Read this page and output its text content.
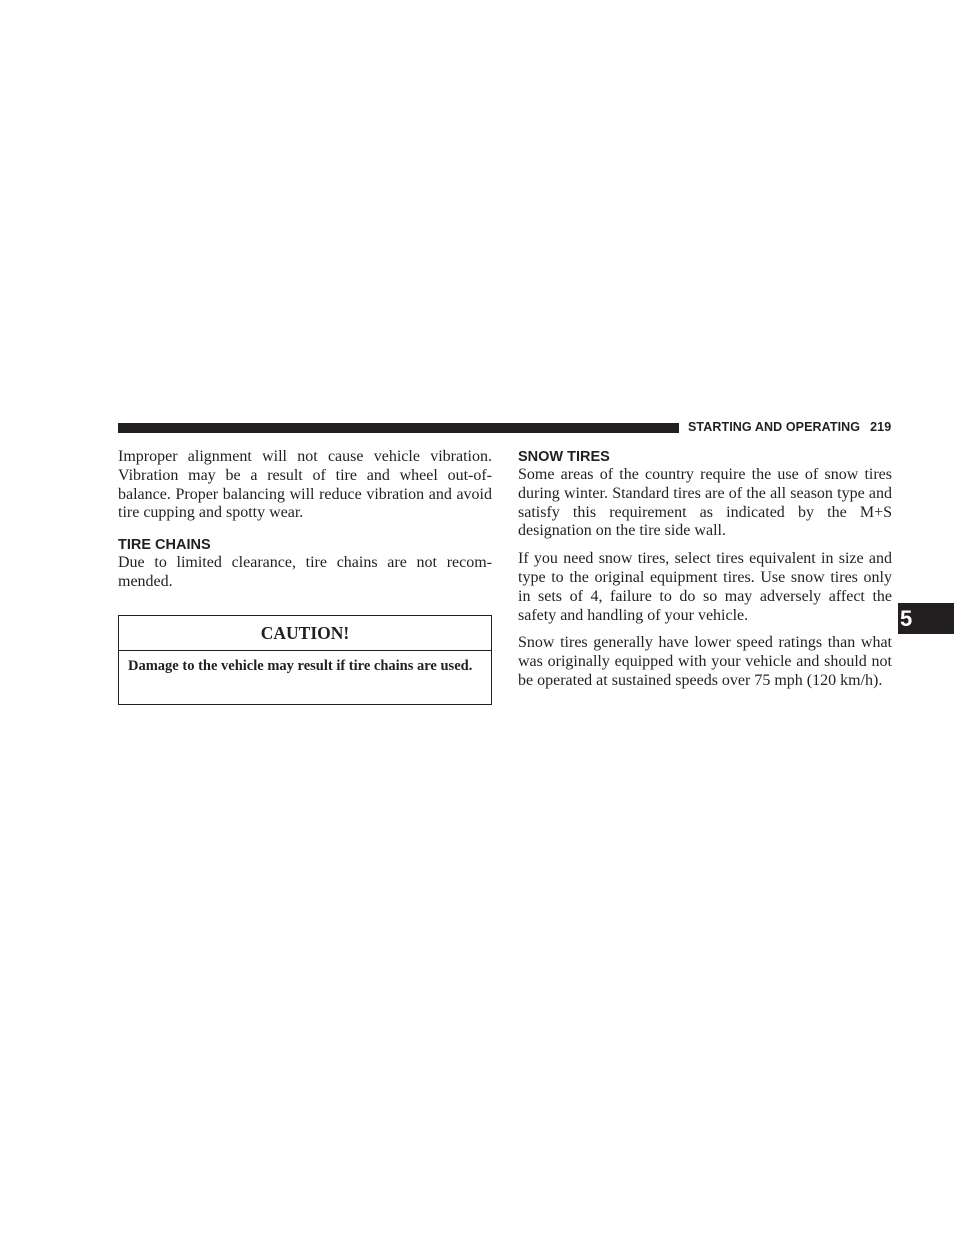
STARTING AND OPERATING 219

Improper alignment will not cause vehicle vibration. Vibration may be a result of tire and wheel out-of-balance. Proper balancing will reduce vibration and avoid tire cupping and spotty wear.

TIRE CHAINS

Due to limited clearance, tire chains are not recom-mended.

CAUTION!
Damage to the vehicle may result if tire chains are used.
SNOW TIRES

Some areas of the country require the use of snow tires during winter. Standard tires are of the all season type and satisfy this requirement as indicated by the M+S designation on the tire side wall.

If you need snow tires, select tires equivalent in size and type to the original equipment tires. Use snow tires only in sets of 4, failure to do so may adversely affect the safety and handling of your vehicle.

Snow tires generally have lower speed ratings than what was originally equipped with your vehicle and should not be operated at sustained speeds over 75 mph (120 km/h).

5
